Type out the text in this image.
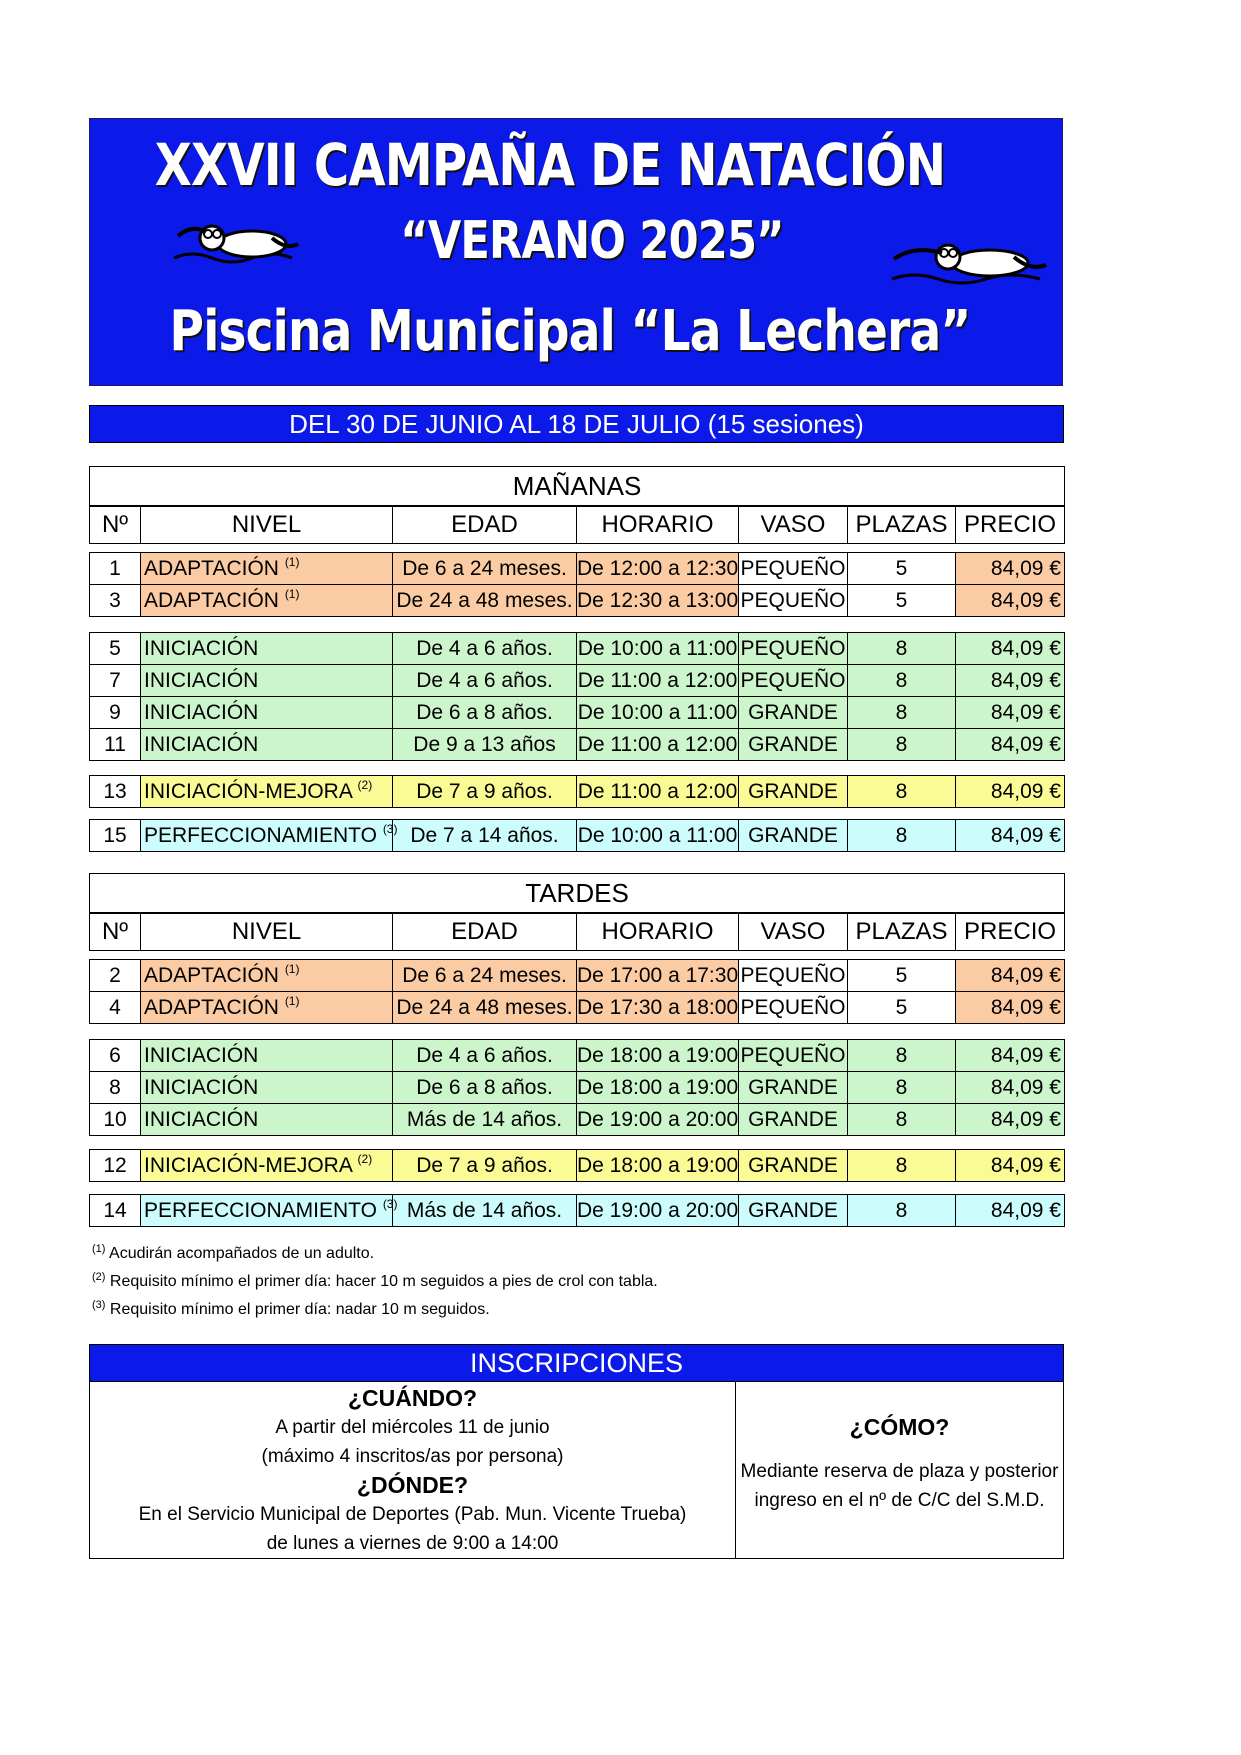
XXVII CAMPAÑA DE NATACIÓN
“VERANO 2025”
Piscina Municipal “La Lechera”
DEL 30 DE JUNIO AL 18 DE JULIO (15 sesiones)
MAÑANAS
Nº	NIVEL	EDAD	HORARIO	VASO	PLAZAS	PRECIO
1	ADAPTACIÓN $^{(1)}$	De 6 a 24 meses.	De 12:00 a 12:30	PEQUEÑO	5	84,09 €
3	ADAPTACIÓN $^{(1)}$	De 24 a 48 meses.	De 12:30 a 13:00	PEQUEÑO	5	84,09 €
5	INICIACIÓN	De 4 a 6 años.	De 10:00 a 11:00	PEQUEÑO	8	84,09 €
7	INICIACIÓN	De 4 a 6 años.	De 11:00 a 12:00	PEQUEÑO	8	84,09 €
9	INICIACIÓN	De 6 a 8 años.	De 10:00 a 11:00	GRANDE	8	84,09 €
11	INICIACIÓN	De 9 a 13 años	De 11:00 a 12:00	GRANDE	8	84,09 €
13	INICIACIÓN-MEJORA $^{(2)}$	De 7 a 9 años.	De 11:00 a 12:00	GRANDE	8	84,09 €
15	PERFECCIONAMIENTO $^{(3)}$	De 7 a 14 años.	De 10:00 a 11:00	GRANDE	8	84,09 €
TARDES
Nº	NIVEL	EDAD	HORARIO	VASO	PLAZAS	PRECIO
2	ADAPTACIÓN $^{(1)}$	De 6 a 24 meses.	De 17:00 a 17:30	PEQUEÑO	5	84,09 €
4	ADAPTACIÓN $^{(1)}$	De 24 a 48 meses.	De 17:30 a 18:00	PEQUEÑO	5	84,09 €
6	INICIACIÓN	De 4 a 6 años.	De 18:00 a 19:00	PEQUEÑO	8	84,09 €
8	INICIACIÓN	De 6 a 8 años.	De 18:00 a 19:00	GRANDE	8	84,09 €
10	INICIACIÓN	Más de 14 años.	De 19:00 a 20:00	GRANDE	8	84,09 €
12	INICIACIÓN-MEJORA $^{(2)}$	De 7 a 9 años.	De 18:00 a 19:00	GRANDE	8	84,09 €
14	PERFECCIONAMIENTO $^{(3)}$	Más de 14 años.	De 19:00 a 20:00	GRANDE	8	84,09 €
$^{(1)}$ Acudirán acompañados de un adulto.
$^{(2)}$ Requisito mínimo el primer día: hacer 10 m seguidos a pies de crol con tabla.
$^{(3)}$ Requisito mínimo el primer día: nadar 10 m seguidos.
INSCRIPCIONES
¿CUÁNDO?
A partir del miércoles 11 de junio
(máximo 4 inscritos/as por persona)
¿DÓNDE?
En el Servicio Municipal de Deportes (Pab. Mun. Vicente Trueba)
de lunes a viernes de 9:00 a 14:00
¿CÓMO?
Mediante reserva de plaza y posterior
ingreso en el nº de C/C del S.M.D.
